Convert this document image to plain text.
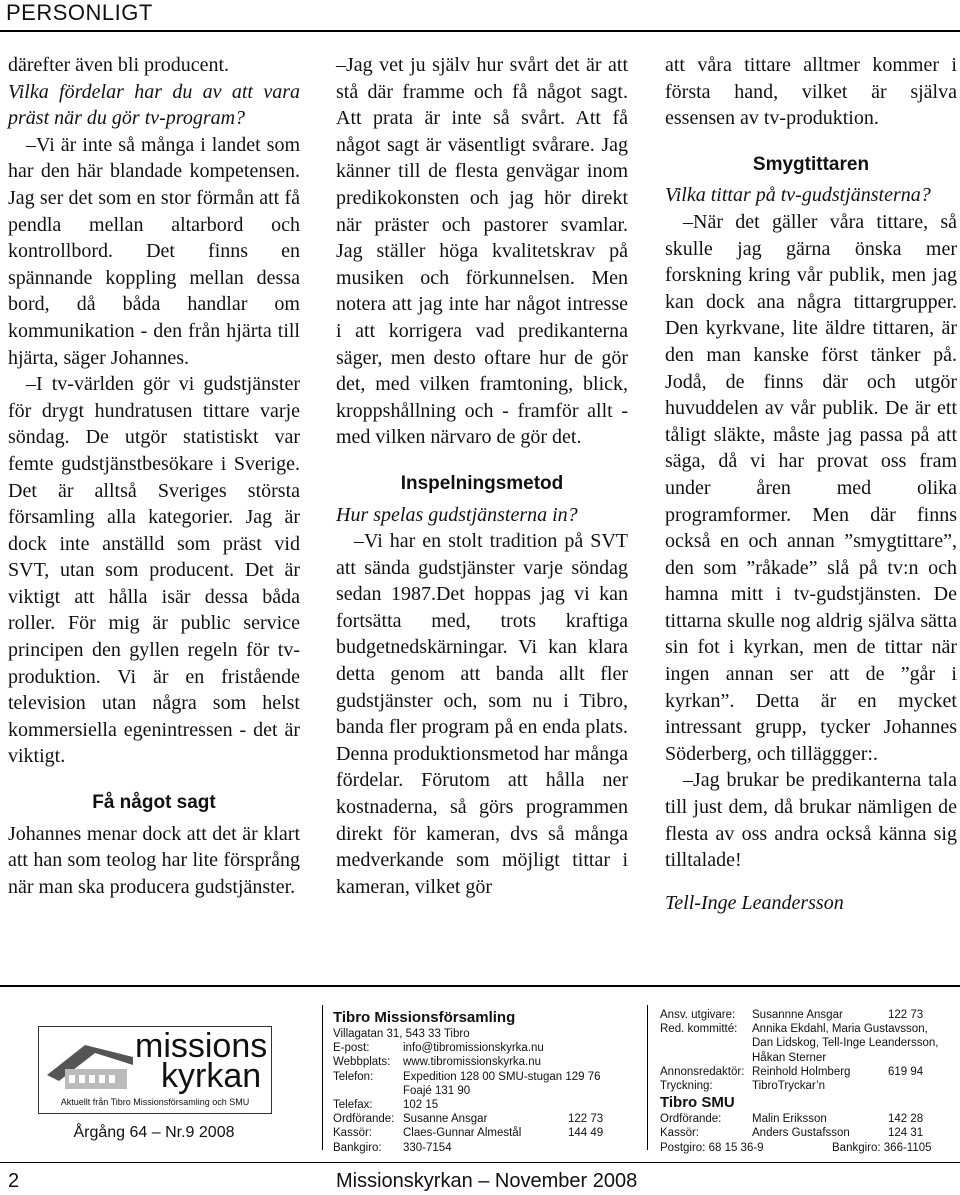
PERSONLIGT

därefter även bli producent.

Vilka fördelar har du av att vara präst när du gör tv-program?

–Vi är inte så många i landet som har den här blandade kompetensen. Jag ser det som en stor förmån att få pendla mellan altarbord och kontrollbord. Det finns en spännande koppling mellan dessa bord, då båda handlar om kommunikation - den från hjärta till hjärta, säger Johannes.

–I tv-världen gör vi gudstjänster för drygt hundratusen tittare varje söndag. De utgör statistiskt var femte gudstjänstbesökare i Sverige. Det är alltså Sveriges största församling alla kategorier. Jag är dock inte anställd som präst vid SVT, utan som producent. Det är viktigt att hålla isär dessa båda roller. För mig är public service principen den gyllen regeln för tv-produktion. Vi är en fristående television utan några som helst kommersiella egenintressen - det är viktigt.

Få något sagt

Johannes menar dock att det är klart att han som teolog har lite försprång när man ska producera gudstjänster.

–Jag vet ju själv hur svårt det är att stå där framme och få något sagt. Att prata är inte så svårt. Att få något sagt är väsentligt svårare. Jag känner till de flesta genvägar inom predikokonsten och jag hör direkt när präster och pastorer svamlar. Jag ställer höga kvalitetskrav på musiken och förkunnelsen. Men notera att jag inte har något intresse i att korrigera vad predikanterna säger, men desto oftare hur de gör det, med vilken framtoning, blick, kroppshållning och - framför allt - med vilken närvaro de gör det.

Inspelningsmetod

Hur spelas gudstjänsterna in?

–Vi har en stolt tradition på SVT att sända gudstjänster varje söndag sedan 1987.Det hoppas jag vi kan fortsätta med, trots kraftiga budgetnedskärningar. Vi kan klara detta genom att banda allt fler gudstjänster och, som nu i Tibro, banda fler program på en enda plats. Denna produktionsmetod har många fördelar. Förutom att hålla ner kostnaderna, så görs programmen direkt för kameran, dvs så många medverkande som möjligt tittar i kameran, vilket gör

att våra tittare alltmer kommer i första hand, vilket är själva essensen av tv-produktion.

Smygtittaren

Vilka tittar på tv-gudstjänsterna?

–När det gäller våra tittare, så skulle jag gärna önska mer forskning kring vår publik, men jag kan dock ana några tittargrupper. Den kyrkvane, lite äldre tittaren, är den man kanske först tänker på. Jodå, de finns där och utgör huvuddelen av vår publik. De är ett tåligt släkte, måste jag passa på att säga, då vi har provat oss fram under åren med olika programformer. Men där finns också en och annan ”smygtittare”, den som ”råkade” slå på tv:n och hamna mitt i tv-gudstjänsten. De tittarna skulle nog aldrig själva sätta sin fot i kyrkan, men de tittar när ingen annan ser att de ”går i kyrkan”. Detta är en mycket intressant grupp, tycker Johannes Söderberg, och tilläggger:.

–Jag brukar be predikanterna tala till just dem, då brukar nämligen de flesta av oss andra också känna sig tilltalade!

Tell-Inge Leandersson

missions
kyrkan
Aktuellt från Tibro Missionsförsamling och SMU
Årgång 64 – Nr.9 2008
Tibro Missionsförsamling
Villagatan 31, 543 33 Tibro
E-post:	info@tibromissionskyrka.nu
Webbplats:	www.tibromissionskyrka.nu
Telefon:	Expedition 128 00 SMU-stugan 129 76
Foajé 131 90
Telefax:	102 15
Ordförande: Susanne Ansgar	122 73
Kassör:	Claes-Gunnar Almestål	144 49
Bankgiro:	330-7154
Ansv. utgivare:	Susannne Ansgar	122 73
Red. kommitté:	Annika Ekdahl, Maria Gustavsson,
Dan Lidskog, Tell-Inge Leandersson,
Håkan Sterner
Annonsredaktör: Reinhold Holmberg	619 94
Tryckning:	TibroTryckar’n
Tibro SMU
Ordförande:	Malin Eriksson	142 28
Kassör:	Anders Gustafsson	124 31
Postgiro: 68 15 36-9	Bankgiro: 366-1105
2	Missionskyrkan – November 2008
